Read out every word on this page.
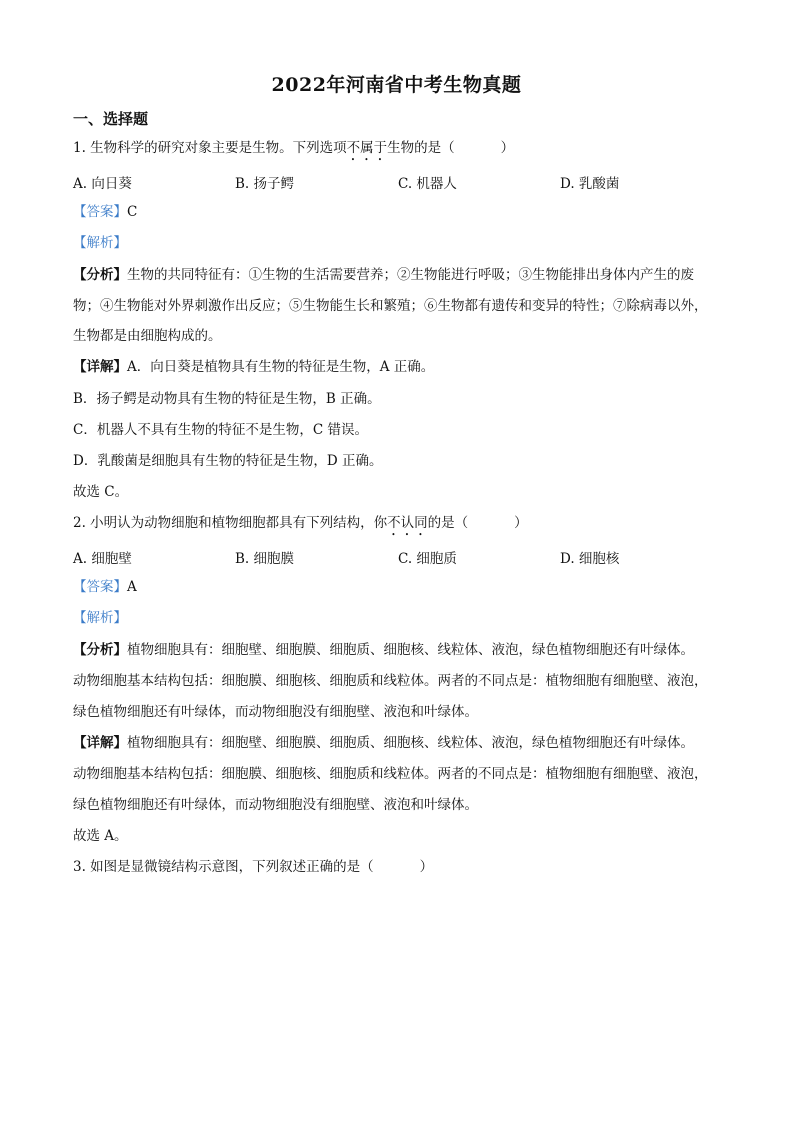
2022年河南省中考生物真题
一、选择题
1. 生物科学的研究对象主要是生物。下列选项不属于生物的是（	）
A. 向日葵	B. 扬子鳄	C. 机器人	D. 乳酸菌
【答案】C
【解析】
【分析】生物的共同特征有：①生物的生活需要营养；②生物能进行呼吸；③生物能排出身体内产生的废
物；④生物能对外界刺激作出反应；⑤生物能生长和繁殖；⑥生物都有遗传和变异的特性；⑦除病毒以外，
生物都是由细胞构成的。
【详解】A．向日葵是植物具有生物的特征是生物，A 正确。
B．扬子鳄是动物具有生物的特征是生物，B 正确。
C．机器人不具有生物的特征不是生物，C 错误。
D．乳酸菌是细胞具有生物的特征是生物，D 正确。
故选 C。
2. 小明认为动物细胞和植物细胞都具有下列结构，你不认同的是（	）
A. 细胞壁	B. 细胞膜	C. 细胞质	D. 细胞核
【答案】A
【解析】
【分析】植物细胞具有：细胞壁、细胞膜、细胞质、细胞核、线粒体、液泡，绿色植物细胞还有叶绿体。
动物细胞基本结构包括：细胞膜、细胞核、细胞质和线粒体。两者的不同点是：植物细胞有细胞壁、液泡，
绿色植物细胞还有叶绿体，而动物细胞没有细胞壁、液泡和叶绿体。
【详解】植物细胞具有：细胞壁、细胞膜、细胞质、细胞核、线粒体、液泡，绿色植物细胞还有叶绿体。
动物细胞基本结构包括：细胞膜、细胞核、细胞质和线粒体。两者的不同点是：植物细胞有细胞壁、液泡，
绿色植物细胞还有叶绿体，而动物细胞没有细胞壁、液泡和叶绿体。
故选 A。
3. 如图是显微镜结构示意图，下列叙述正确的是（	）
